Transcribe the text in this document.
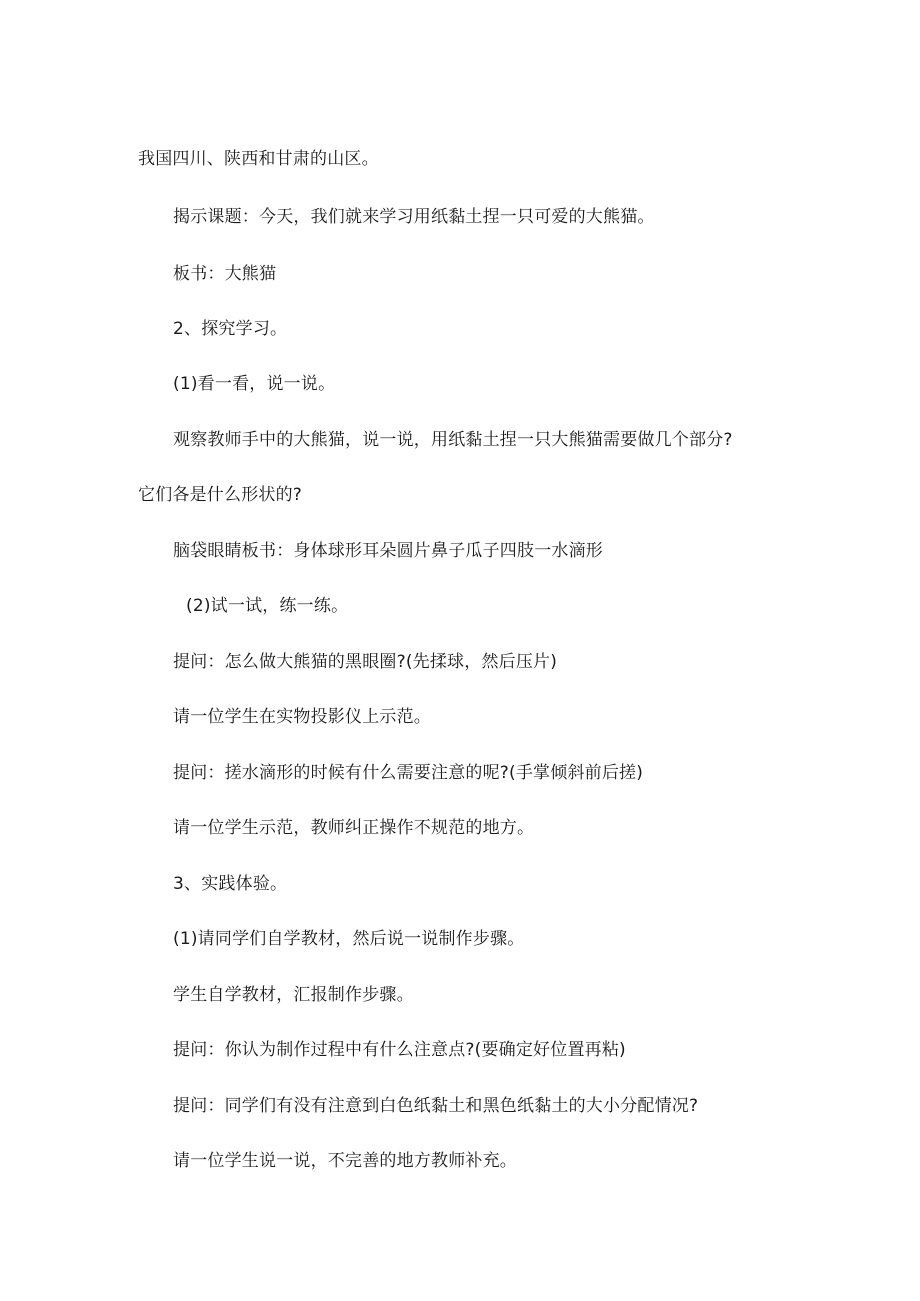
我国四川、陕西和甘肃的山区。
揭示课题：今天，我们就来学习用纸黏土捏一只可爱的大熊猫。
板书：大熊猫
2、探究学习。
(1)看一看，说一说。
观察教师手中的大熊猫，说一说，用纸黏土捏一只大熊猫需要做几个部分?
它们各是什么形状的?
脑袋眼睛板书：身体球形耳朵圆片鼻子瓜子四肢一水滴形
(2)试一试，练一练。
提问：怎么做大熊猫的黑眼圈?(先揉球，然后压片)
请一位学生在实物投影仪上示范。
提问：搓水滴形的时候有什么需要注意的呢?(手掌倾斜前后搓)
请一位学生示范，教师纠正操作不规范的地方。
3、实践体验。
(1)请同学们自学教材，然后说一说制作步骤。
学生自学教材，汇报制作步骤。
提问：你认为制作过程中有什么注意点?(要确定好位置再粘)
提问：同学们有没有注意到白色纸黏土和黑色纸黏土的大小分配情况?
请一位学生说一说，不完善的地方教师补充。
